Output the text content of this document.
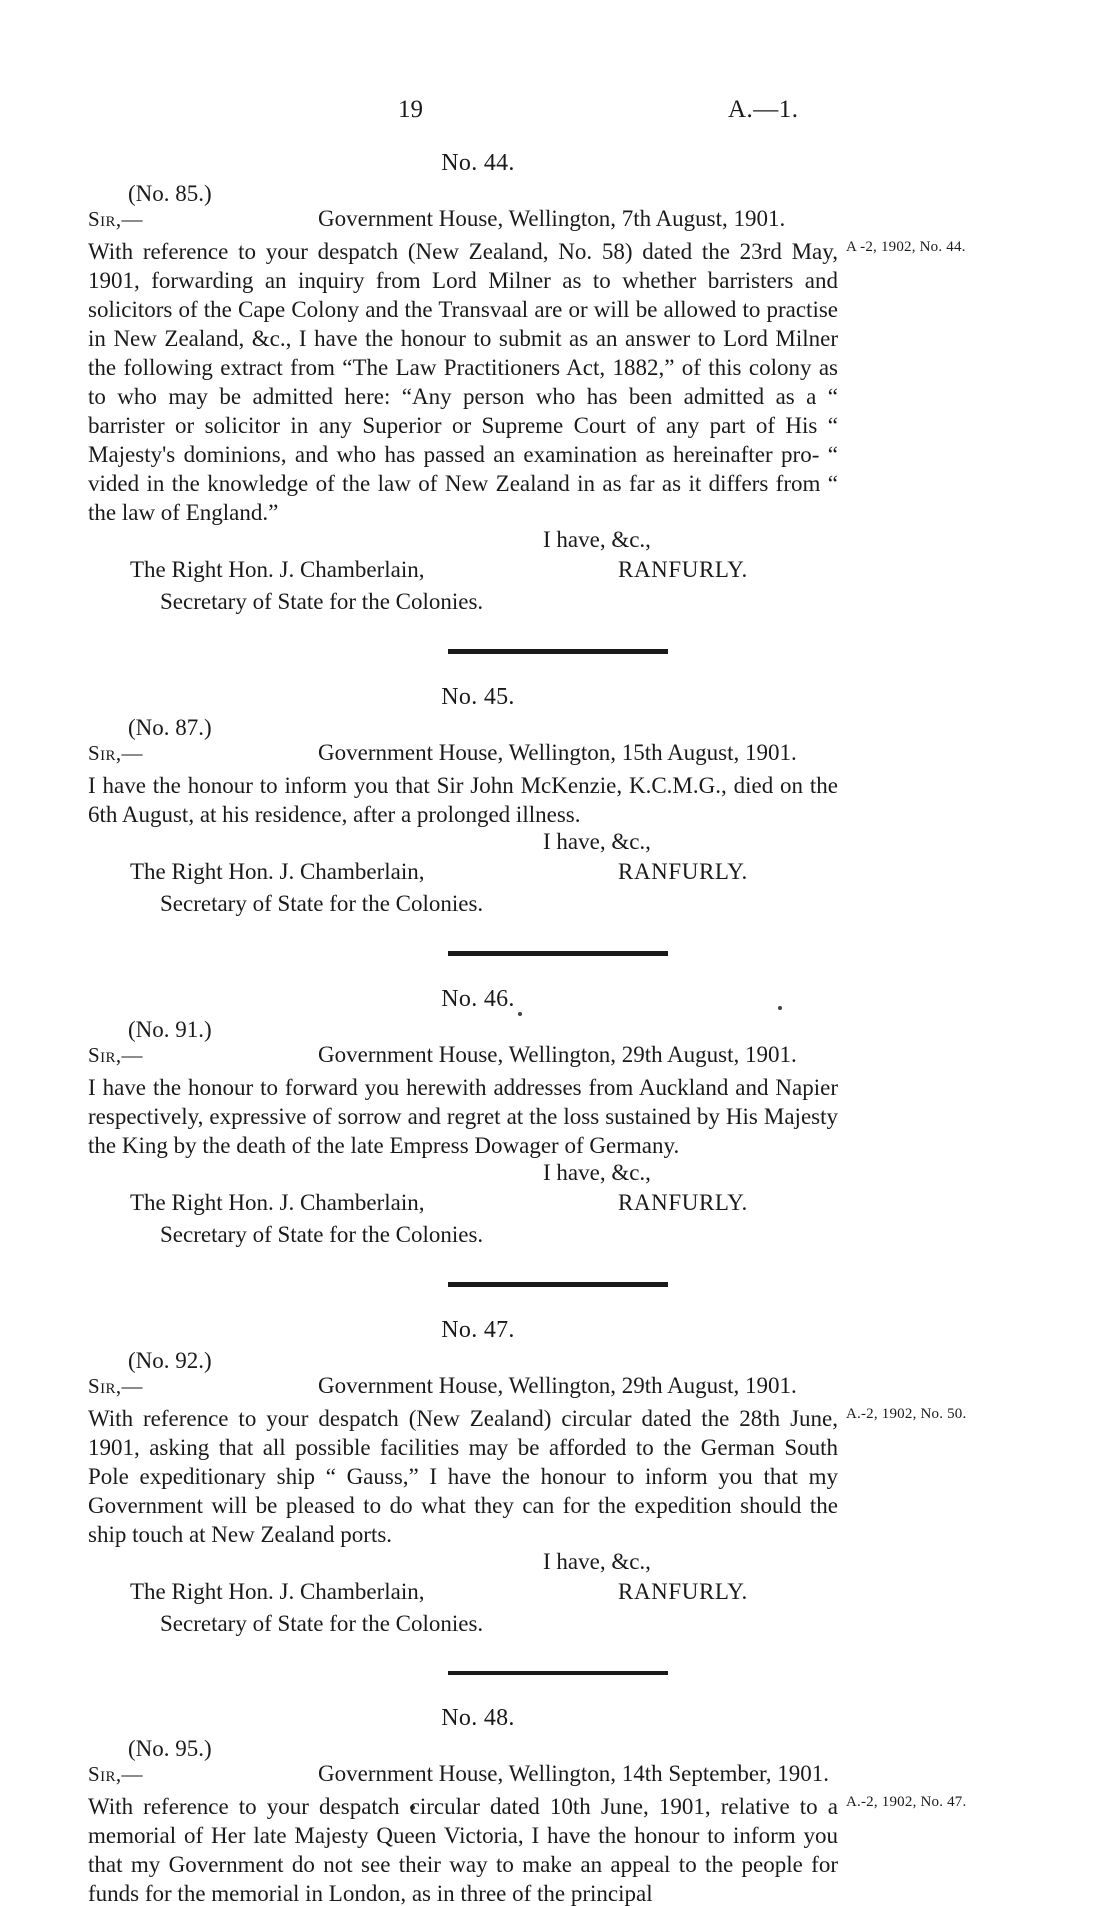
19	A.—1.
No. 44.
(No. 85.)
Sir,—	Government House, Wellington, 7th August, 1901.

With reference to your despatch (New Zealand, No. 58) dated the 23rd May, 1901, forwarding an inquiry from Lord Milner as to whether barristers and solicitors of the Cape Colony and the Transvaal are or will be allowed to practise in New Zealand, &c., I have the honour to submit as an answer to Lord Milner the following extract from “The Law Practitioners Act, 1882,” of this colony as to who may be admitted here: “Any person who has been admitted as a “ barrister or solicitor in any Superior or Supreme Court of any part of His “ Majesty's dominions, and who has passed an examination as hereinafter pro- “ vided in the knowledge of the law of New Zealand in as far as it differs from “ the law of England.”

A -2, 1902, No. 44.
I have, &c.,
The Right Hon. J. Chamberlain,	RANFURLY.
Secretary of State for the Colonies.
No. 45.
(No. 87.)
Sir,—	Government House, Wellington, 15th August, 1901.

I have the honour to inform you that Sir John McKenzie, K.C.M.G., died on the 6th August, at his residence, after a prolonged illness.

I have, &c.,
The Right Hon. J. Chamberlain,	RANFURLY.
Secretary of State for the Colonies.
No. 46.
(No. 91.)
Sir,—	Government House, Wellington, 29th August, 1901.

I have the honour to forward you herewith addresses from Auckland and Napier respectively, expressive of sorrow and regret at the loss sustained by His Majesty the King by the death of the late Empress Dowager of Germany.

I have, &c.,
The Right Hon. J. Chamberlain,	RANFURLY.
Secretary of State for the Colonies.
No. 47.
(No. 92.)
Sir,—	Government House, Wellington, 29th August, 1901.

With reference to your despatch (New Zealand) circular dated the 28th June, 1901, asking that all possible facilities may be afforded to the German South Pole expeditionary ship “ Gauss,” I have the honour to inform you that my Government will be pleased to do what they can for the expedition should the ship touch at New Zealand ports.

A.-2, 1902, No. 50.
I have, &c.,
The Right Hon. J. Chamberlain,	RANFURLY.
Secretary of State for the Colonies.
No. 48.
(No. 95.)
Sir,—	Government House, Wellington, 14th September, 1901.

With reference to your despatch circular dated 10th June, 1901, relative to a memorial of Her late Majesty Queen Victoria, I have the honour to inform you that my Government do not see their way to make an appeal to the people for funds for the memorial in London, as in three of the principal

A.-2, 1902, No. 47.
